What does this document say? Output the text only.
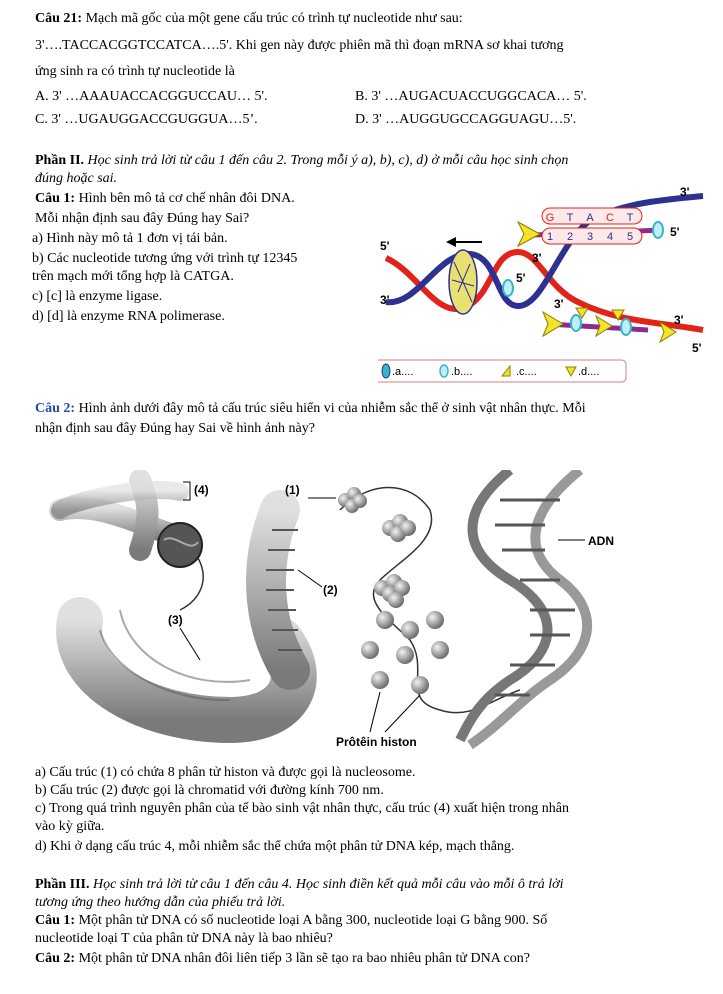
Câu 21: Mạch mã gốc của một gene cấu trúc có trình tự nucleotide như sau:
3'….TACCACGGTCCATCA….5'. Khi gen này được phiên mã thì đoạn mRNA sơ khai tương
ứng sinh ra có trình tự nucleotide là
A. 3' …AAAUACCACGGUCCAU… 5'.	B. 3' …AUGACUACCUGGCACA… 5'.
C. 3' …UGAUGGACCGUGGUA…5’.	D. 3' …AUGGUGCCAGGUAGU…5'.
Phần II. Học sinh trả lời từ câu 1 đến câu 2. Trong mỗi ý a), b), c), d) ở mỗi câu học sinh chọn
đúng hoặc sai.
Câu 1: Hình bên mô tả cơ chế nhân đôi DNA.
Mỗi nhận định sau đây Đúng hay Sai?
a) Hình này mô tả 1 đơn vị tái bản.
b) Các nucleotide tương ứng với trình tự 12345
trên mạch mới tổng hợp là CATGA.
c) [c] là enzyme ligase.
d) [d] là enzyme RNA polimerase.
G T A C T
1 2 3 4 5
3'
5'
5'
3'
3'
5'
3'
3'
5'
.a....	.b....	.c....	.d....
Câu 2: Hình ảnh dưới đây mô tả cấu trúc siêu hiển vi của nhiễm sắc thể ở sinh vật nhân thực. Mỗi
nhận định sau đây Đúng hay Sai về hình ảnh này?
(4)	(1)
(2)
(3)
ADN
Prôtêin histon
a) Cấu trúc (1) có chứa 8 phân tử histon và được gọi là nucleosome.
b) Cấu trúc (2) được gọi là chromatid với đường kính 700 nm.
c) Trong quá trình nguyên phân của tế bào sinh vật nhân thực, cấu trúc (4) xuất hiện trong nhân
vào kỳ giữa.
d) Khi ở dạng cấu trúc 4, mỗi nhiễm sắc thể chứa một phân tử DNA kép, mạch thẳng.
Phần III. Học sinh trả lời từ câu 1 đến câu 4. Học sinh điền kết quả mỗi câu vào mỗi ô trả lời
tương ứng theo hướng dẫn của phiếu trả lời.
Câu 1: Một phân tử DNA có số nucleotide loại A bằng 300, nucleotide loại G bằng 900. Số
nucleotide loại T của phân tử DNA này là bao nhiêu?
Câu 2: Một phân tử DNA nhân đôi liên tiếp 3 lần sẽ tạo ra bao nhiêu phân tử DNA con?
